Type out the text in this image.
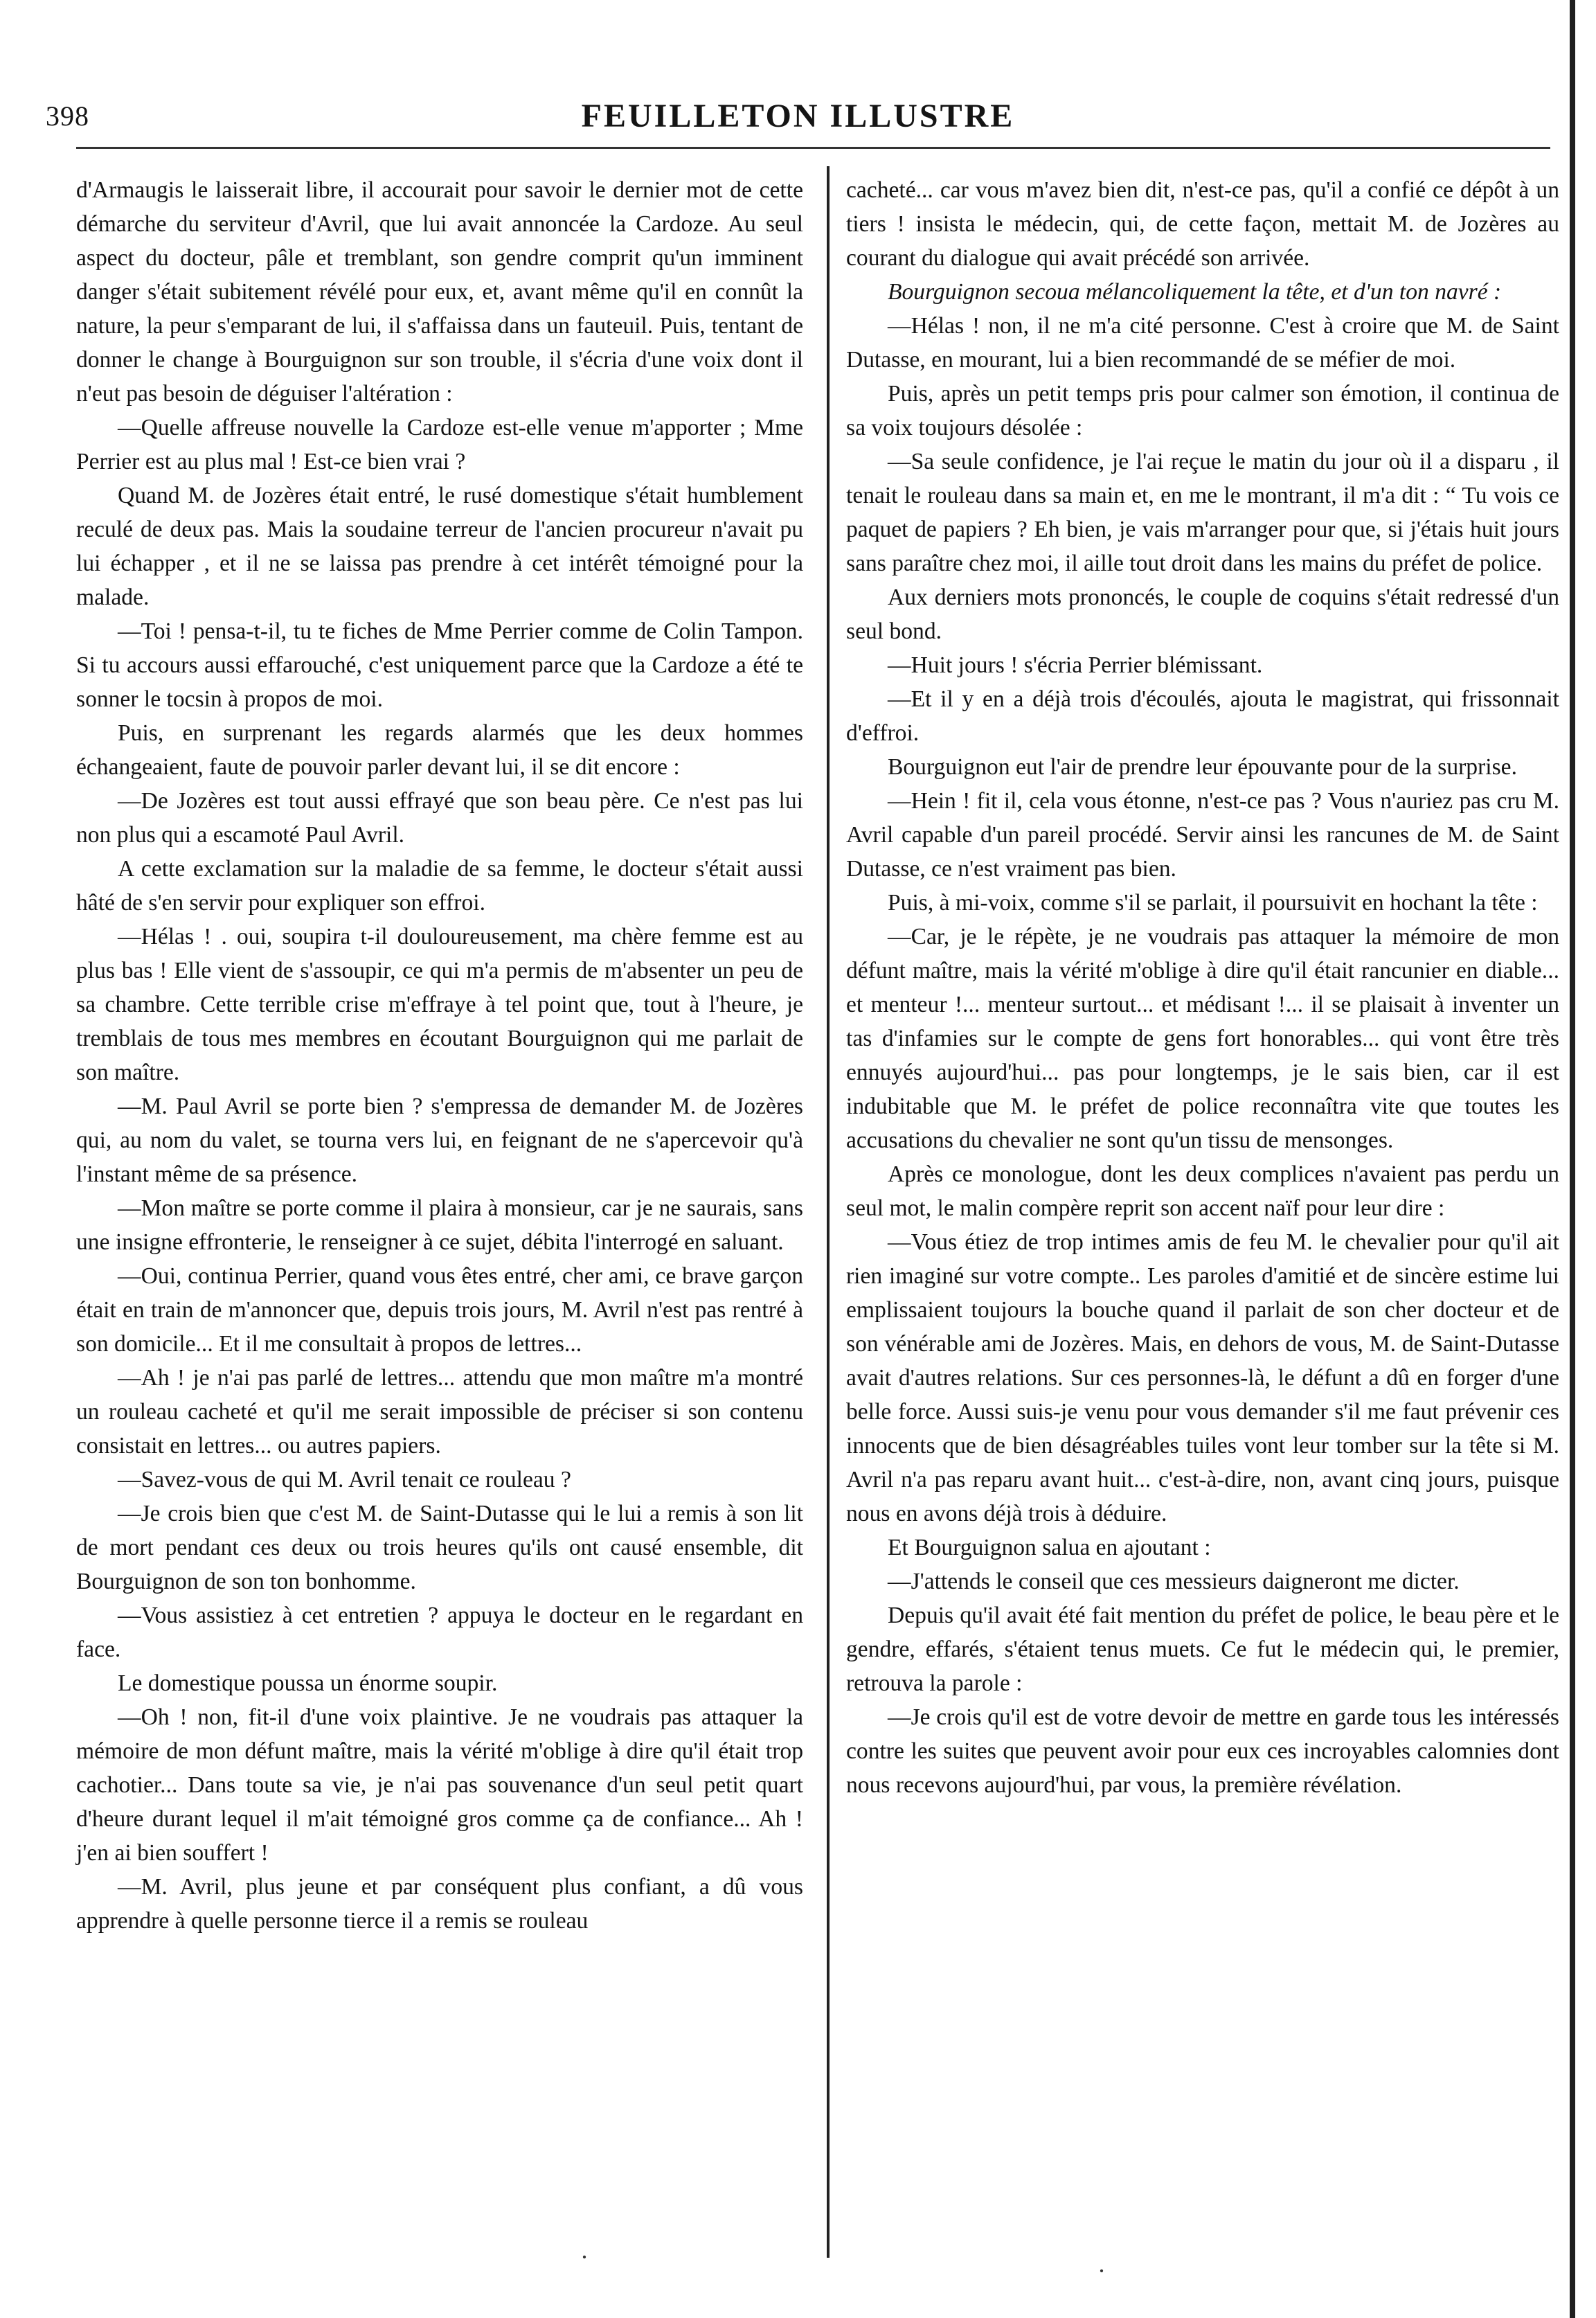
398	FEUILLETON ILLUSTRE

d'Armaugis le laisserait libre, il accourait pour savoir le dernier mot de cette démarche du serviteur d'Avril, que lui avait annoncée la Cardoze. Au seul aspect du docteur, pâle et tremblant, son gendre comprit qu'un imminent danger s'était subitement révélé pour eux, et, avant même qu'il en connût la nature, la peur s'emparant de lui, il s'affaissa dans un fauteuil. Puis, tentant de donner le change à Bourguignon sur son trouble, il s'écria d'une voix dont il n'eut pas besoin de déguiser l'altération :

—Quelle affreuse nouvelle la Cardoze est-elle venue m'apporter ; Mme Perrier est au plus mal ! Est-ce bien vrai ?

Quand M. de Jozères était entré, le rusé domestique s'était humblement reculé de deux pas. Mais la soudaine terreur de l'ancien procureur n'avait pu lui échapper , et il ne se laissa pas prendre à cet intérêt témoigné pour la malade.

—Toi ! pensa-t-il, tu te fiches de Mme Perrier comme de Colin Tampon. Si tu accours aussi effarouché, c'est uniquement parce que la Cardoze a été te sonner le tocsin à propos de moi.

Puis, en surprenant les regards alarmés que les deux hommes échangeaient, faute de pouvoir parler devant lui, il se dit encore :

—De Jozères est tout aussi effrayé que son beau père. Ce n'est pas lui non plus qui a escamoté Paul Avril.

A cette exclamation sur la maladie de sa femme, le docteur s'était aussi hâté de s'en servir pour expliquer son effroi.

—Hélas ! . oui, soupira t-il douloureusement, ma chère femme est au plus bas ! Elle vient de s'assoupir, ce qui m'a permis de m'absenter un peu de sa chambre. Cette terrible crise m'effraye à tel point que, tout à l'heure, je tremblais de tous mes membres en écoutant Bourguignon qui me parlait de son maître.

—M. Paul Avril se porte bien ? s'empressa de demander M. de Jozères qui, au nom du valet, se tourna vers lui, en feignant de ne s'apercevoir qu'à l'instant même de sa présence.

—Mon maître se porte comme il plaira à monsieur, car je ne saurais, sans une insigne effronterie, le renseigner à ce sujet, débita l'interrogé en saluant.

—Oui, continua Perrier, quand vous êtes entré, cher ami, ce brave garçon était en train de m'annoncer que, depuis trois jours, M. Avril n'est pas rentré à son domicile... Et il me consultait à propos de lettres...

—Ah ! je n'ai pas parlé de lettres... attendu que mon maître m'a montré un rouleau cacheté et qu'il me serait impossible de préciser si son contenu consistait en lettres... ou autres papiers.

—Savez-vous de qui M. Avril tenait ce rouleau ?

—Je crois bien que c'est M. de Saint-Dutasse qui le lui a remis à son lit de mort pendant ces deux ou trois heures qu'ils ont causé ensemble, dit Bourguignon de son ton bonhomme.

—Vous assistiez à cet entretien ? appuya le docteur en le regardant en face.

Le domestique poussa un énorme soupir.

—Oh ! non, fit-il d'une voix plaintive. Je ne voudrais pas attaquer la mémoire de mon défunt maître, mais la vérité m'oblige à dire qu'il était trop cachotier... Dans toute sa vie, je n'ai pas souvenance d'un seul petit quart d'heure durant lequel il m'ait témoigné gros comme ça de confiance... Ah ! j'en ai bien souffert !

—M. Avril, plus jeune et par conséquent plus confiant, a dû vous apprendre à quelle personne tierce il a remis se rouleau

cacheté... car vous m'avez bien dit, n'est-ce pas, qu'il a confié ce dépôt à un tiers ! insista le médecin, qui, de cette façon, mettait M. de Jozères au courant du dialogue qui avait précédé son arrivée.

Bourguignon secoua mélancoliquement la tête, et d'un ton navré :

—Hélas ! non, il ne m'a cité personne. C'est à croire que M. de Saint Dutasse, en mourant, lui a bien recommandé de se méfier de moi.

Puis, après un petit temps pris pour calmer son émotion, il continua de sa voix toujours désolée :

—Sa seule confidence, je l'ai reçue le matin du jour où il a disparu , il tenait le rouleau dans sa main et, en me le montrant, il m'a dit : “ Tu vois ce paquet de papiers ? Eh bien, je vais m'arranger pour que, si j'étais huit jours sans paraître chez moi, il aille tout droit dans les mains du préfet de police.

Aux derniers mots prononcés, le couple de coquins s'était redressé d'un seul bond.

—Huit jours ! s'écria Perrier blémissant.

—Et il y en a déjà trois d'écoulés, ajouta le magistrat, qui frissonnait d'effroi.

Bourguignon eut l'air de prendre leur épouvante pour de la surprise.

—Hein ! fit il, cela vous étonne, n'est-ce pas ? Vous n'auriez pas cru M. Avril capable d'un pareil procédé. Servir ainsi les rancunes de M. de Saint Dutasse, ce n'est vraiment pas bien.

Puis, à mi-voix, comme s'il se parlait, il poursuivit en hochant la tête :

—Car, je le répète, je ne voudrais pas attaquer la mémoire de mon défunt maître, mais la vérité m'oblige à dire qu'il était rancunier en diable... et menteur !... menteur surtout... et médisant !... il se plaisait à inventer un tas d'infamies sur le compte de gens fort honorables... qui vont être très ennuyés aujourd'hui... pas pour longtemps, je le sais bien, car il est indubitable que M. le préfet de police reconnaîtra vite que toutes les accusations du chevalier ne sont qu'un tissu de mensonges.

Après ce monologue, dont les deux complices n'avaient pas perdu un seul mot, le malin compère reprit son accent naïf pour leur dire :

—Vous étiez de trop intimes amis de feu M. le chevalier pour qu'il ait rien imaginé sur votre compte.. Les paroles d'amitié et de sincère estime lui emplissaient toujours la bouche quand il parlait de son cher docteur et de son vénérable ami de Jozères. Mais, en dehors de vous, M. de Saint-Dutasse avait d'autres relations. Sur ces personnes-là, le défunt a dû en forger d'une belle force. Aussi suis-je venu pour vous demander s'il me faut prévenir ces innocents que de bien désagréables tuiles vont leur tomber sur la tête si M. Avril n'a pas reparu avant huit... c'est-à-dire, non, avant cinq jours, puisque nous en avons déjà trois à déduire.

Et Bourguignon salua en ajoutant :

—J'attends le conseil que ces messieurs daigneront me dicter.

Depuis qu'il avait été fait mention du préfet de police, le beau père et le gendre, effarés, s'étaient tenus muets. Ce fut le médecin qui, le premier, retrouva la parole :

—Je crois qu'il est de votre devoir de mettre en garde tous les intéressés contre les suites que peuvent avoir pour eux ces incroyables calomnies dont nous recevons aujourd'hui, par vous, la première révélation.

·	·
